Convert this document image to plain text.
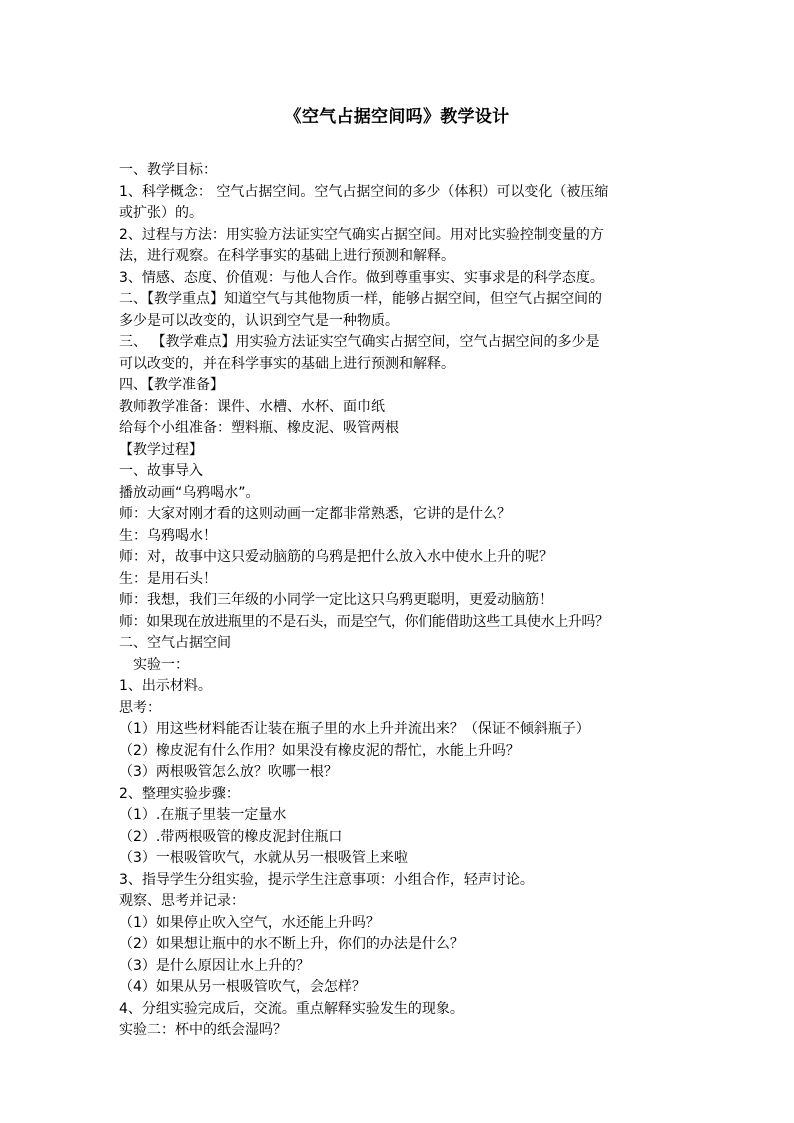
《空气占据空间吗》教学设计

一、教学目标：

1、科学概念： 空气占据空间。空气占据空间的多少（体积）可以变化（被压缩

或扩张）的。

2、过程与方法：用实验方法证实空气确实占据空间。用对比实验控制变量的方

法，进行观察。在科学事实的基础上进行预测和解释。

3、情感、态度、价值观：与他人合作。做到尊重事实、实事求是的科学态度。

二、【教学重点】知道空气与其他物质一样，能够占据空间，但空气占据空间的

多少是可以改变的，认识到空气是一种物质。

三、 【教学难点】用实验方法证实空气确实占据空间，空气占据空间的多少是

可以改变的，并在科学事实的基础上进行预测和解释。

四、【教学准备】

教师教学准备：课件、水槽、水杯、面巾纸

给每个小组准备：塑料瓶、橡皮泥、吸管两根

【教学过程】

一、故事导入

播放动画“乌鸦喝水”。

师：大家对刚才看的这则动画一定都非常熟悉，它讲的是什么？

生：乌鸦喝水！

师：对，故事中这只爱动脑筋的乌鸦是把什么放入水中使水上升的呢？

生：是用石头！

师：我想，我们三年级的小同学一定比这只乌鸦更聪明，更爱动脑筋！

师：如果现在放进瓶里的不是石头，而是空气，你们能借助这些工具使水上升吗？

二、空气占据空间

实验一：

1、出示材料。

思考：

（1）用这些材料能否让装在瓶子里的水上升并流出来？（保证不倾斜瓶子）

（2）橡皮泥有什么作用？如果没有橡皮泥的帮忙，水能上升吗？

（3）两根吸管怎么放？吹哪一根？

2、整理实验步骤：

（1）.在瓶子里装一定量水

（2）.带两根吸管的橡皮泥封住瓶口

（3）一根吸管吹气，水就从另一根吸管上来啦

3、指导学生分组实验，提示学生注意事项：小组合作，轻声讨论。

观察、思考并记录：

（1）如果停止吹入空气，水还能上升吗？

（2）如果想让瓶中的水不断上升，你们的办法是什么？

（3）是什么原因让水上升的？

（4）如果从另一根吸管吹气，会怎样？

4、分组实验完成后，交流。重点解释实验发生的现象。

实验二：杯中的纸会湿吗？
